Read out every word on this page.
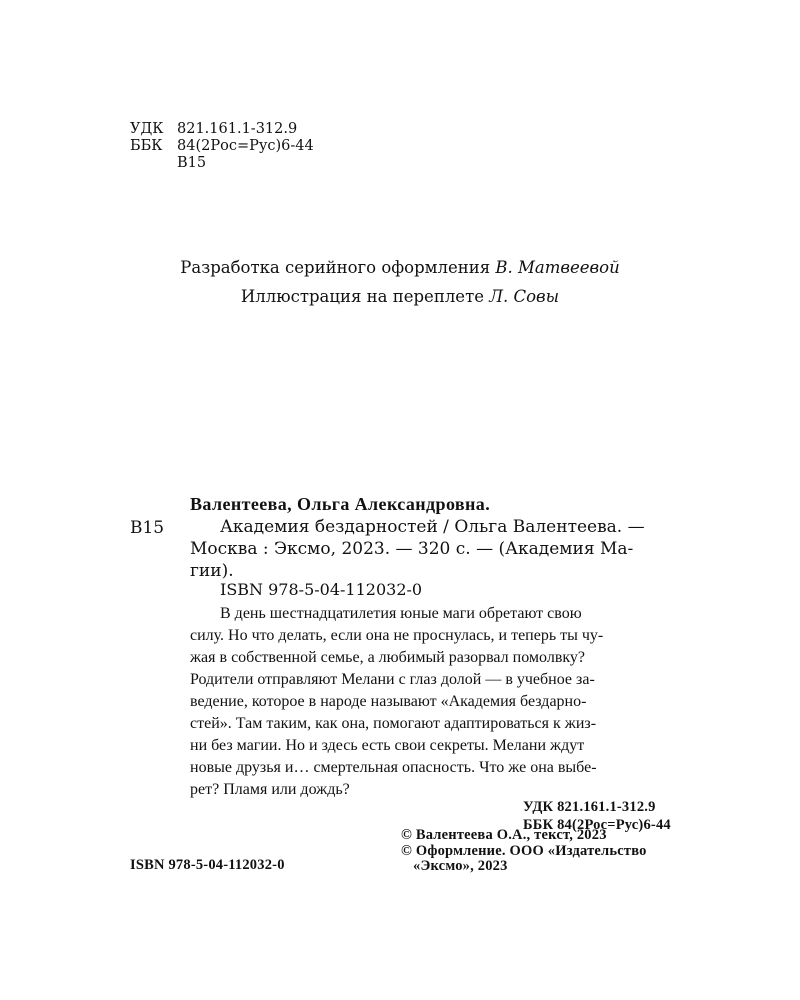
УДК 821.161.1-312.9
ББК 84(2Рос=Рус)6-44
В15
Разработка серийного оформления В. Матвеевой
Иллюстрация на переплете Л. Совы
Валентеева, Ольга Александровна.
В15	Академия бездарностей / Ольга Валентеева. —
Москва : Эксмо, 2023. — 320 с. — (Академия Ма-
гии).
ISBN 978-5-04-112032-0
В день шестнадцатилетия юные маги обретают свою
силу. Но что делать, если она не проснулась, и теперь ты чу-
жая в собственной семье, а любимый разорвал помолвку?
Родители отправляют Мелани с глаз долой — в учебное за-
ведение, которое в народе называют «Академия бездарно-
стей». Там таким, как она, помогают адаптироваться к жиз-
ни без магии. Но и здесь есть свои секреты. Мелани ждут
новые друзья и… смертельная опасность. Что же она выбе-
рет? Пламя или дождь?
УДК 821.161.1-312.9
ББК 84(2Рос=Рус)6-44
© Валентеева О.А., текст, 2023
© Оформление. ООО «Издательство
«Эксмо», 2023
ISBN 978-5-04-112032-0
